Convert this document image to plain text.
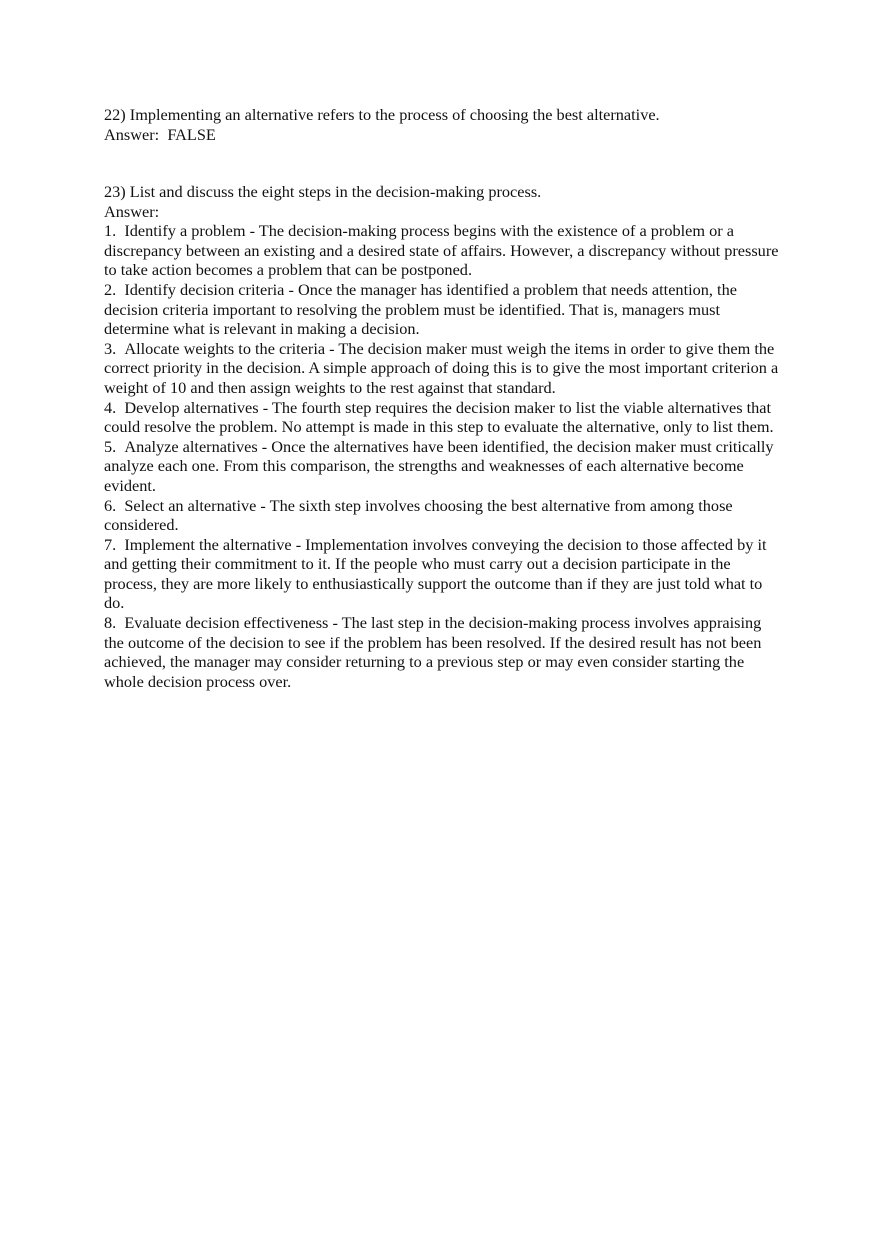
22) Implementing an alternative refers to the process of choosing the best alternative.

Answer: FALSE

23) List and discuss the eight steps in the decision-making process.

Answer:

1. Identify a problem - The decision-making process begins with the existence of a problem or a discrepancy between an existing and a desired state of affairs. However, a discrepancy without pressure to take action becomes a problem that can be postponed.

2. Identify decision criteria - Once the manager has identified a problem that needs attention, the decision criteria important to resolving the problem must be identified. That is, managers must determine what is relevant in making a decision.

3. Allocate weights to the criteria - The decision maker must weigh the items in order to give them the correct priority in the decision. A simple approach of doing this is to give the most important criterion a weight of 10 and then assign weights to the rest against that standard.

4. Develop alternatives - The fourth step requires the decision maker to list the viable alternatives that could resolve the problem. No attempt is made in this step to evaluate the alternative, only to list them.

5. Analyze alternatives - Once the alternatives have been identified, the decision maker must critically analyze each one. From this comparison, the strengths and weaknesses of each alternative become evident.

6. Select an alternative - The sixth step involves choosing the best alternative from among those considered.

7. Implement the alternative - Implementation involves conveying the decision to those affected by it and getting their commitment to it. If the people who must carry out a decision participate in the process, they are more likely to enthusiastically support the outcome than if they are just told what to do.

8. Evaluate decision effectiveness - The last step in the decision-making process involves appraising the outcome of the decision to see if the problem has been resolved. If the desired result has not been achieved, the manager may consider returning to a previous step or may even consider starting the whole decision process over.
